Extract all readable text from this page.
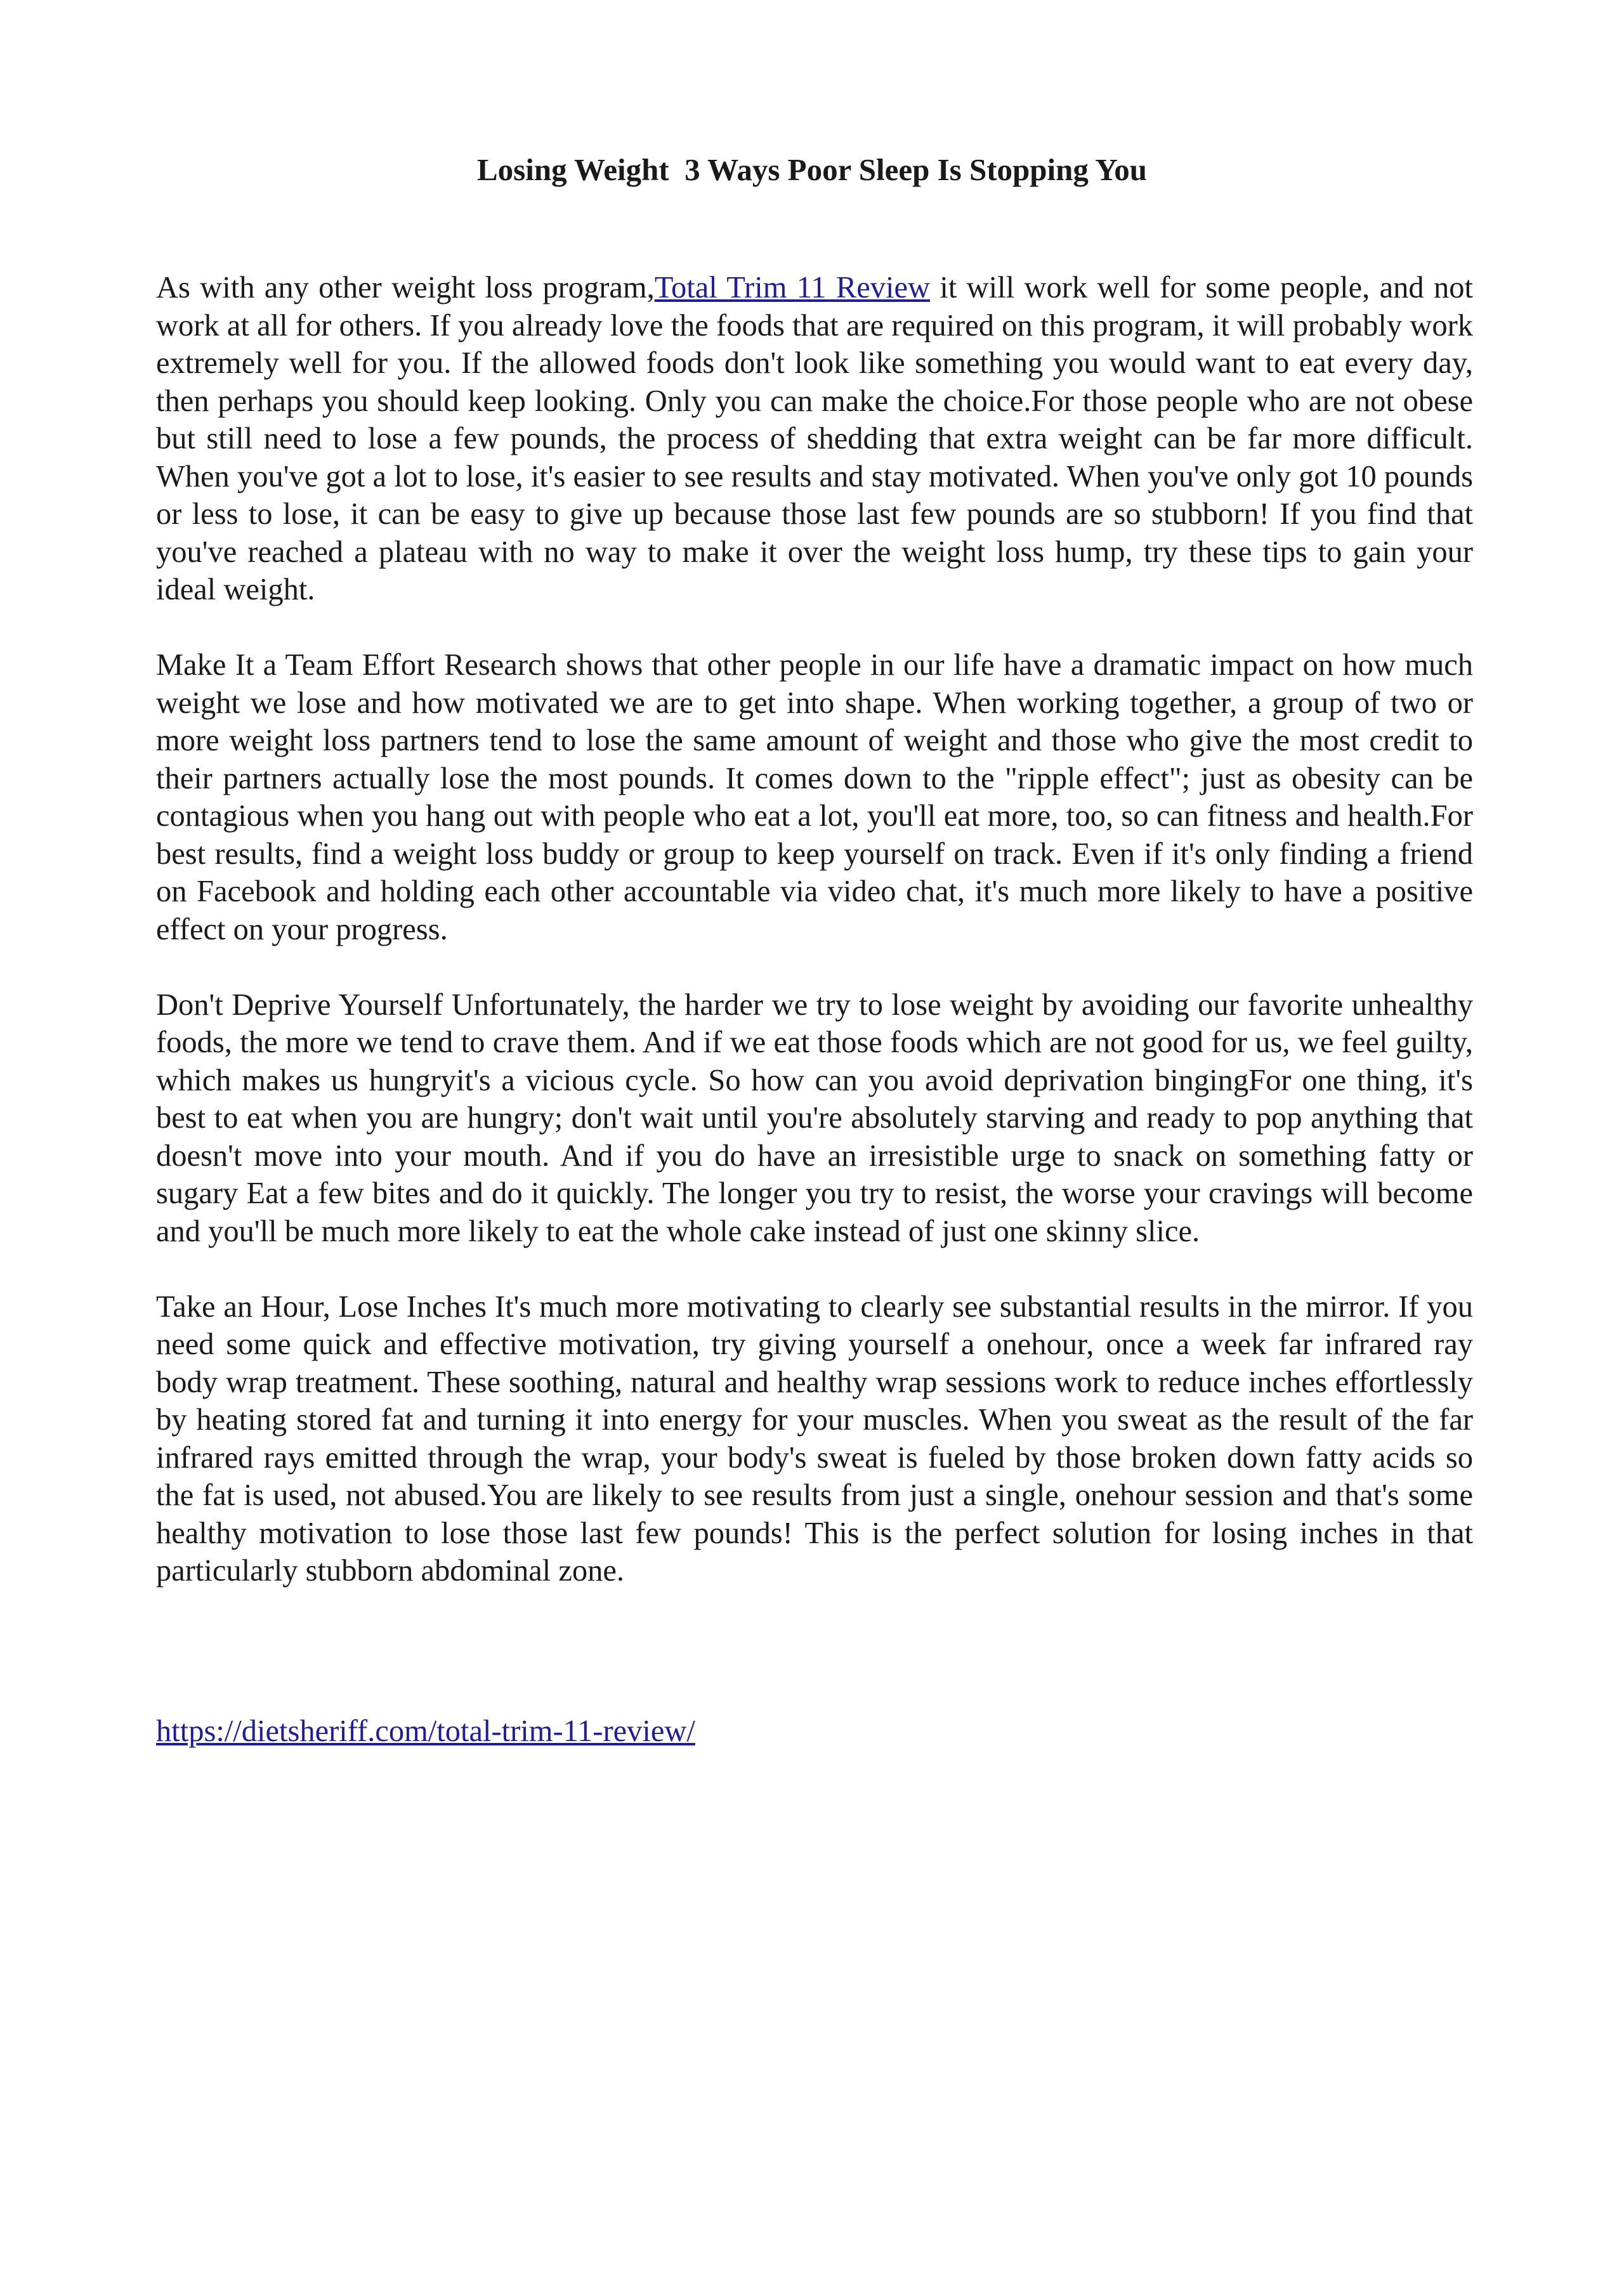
Losing Weight  3 Ways Poor Sleep Is Stopping You

As with any other weight loss program,Total Trim 11 Review it will work well for some people, and not work at all for others. If you already love the foods that are required on this program, it will probably work extremely well for you. If the allowed foods don't look like something you would want to eat every day, then perhaps you should keep looking. Only you can make the choice.For those people who are not obese but still need to lose a few pounds, the process of shedding that extra weight can be far more difficult. When you've got a lot to lose, it's easier to see results and stay motivated. When you've only got 10 pounds or less to lose, it can be easy to give up because those last few pounds are so stubborn! If you find that you've reached a plateau with no way to make it over the weight loss hump, try these tips to gain your ideal weight.

Make It a Team Effort Research shows that other people in our life have a dramatic impact on how much weight we lose and how motivated we are to get into shape. When working together, a group of two or more weight loss partners tend to lose the same amount of weight and those who give the most credit to their partners actually lose the most pounds. It comes down to the "ripple effect"; just as obesity can be contagious when you hang out with people who eat a lot, you'll eat more, too, so can fitness and health.For best results, find a weight loss buddy or group to keep yourself on track. Even if it's only finding a friend on Facebook and holding each other accountable via video chat, it's much more likely to have a positive effect on your progress.

Don't Deprive Yourself Unfortunately, the harder we try to lose weight by avoiding our favorite unhealthy foods, the more we tend to crave them. And if we eat those foods which are not good for us, we feel guilty, which makes us hungryit's a vicious cycle. So how can you avoid deprivation bingingFor one thing, it's best to eat when you are hungry; don't wait until you're absolutely starving and ready to pop anything that doesn't move into your mouth. And if you do have an irresistible urge to snack on something fatty or sugary Eat a few bites and do it quickly. The longer you try to resist, the worse your cravings will become and you'll be much more likely to eat the whole cake instead of just one skinny slice.

Take an Hour, Lose Inches It's much more motivating to clearly see substantial results in the mirror. If you need some quick and effective motivation, try giving yourself a onehour, once a week far infrared ray body wrap treatment. These soothing, natural and healthy wrap sessions work to reduce inches effortlessly by heating stored fat and turning it into energy for your muscles. When you sweat as the result of the far infrared rays emitted through the wrap, your body's sweat is fueled by those broken down fatty acids so the fat is used, not abused.You are likely to see results from just a single, onehour session and that's some healthy motivation to lose those last few pounds! This is the perfect solution for losing inches in that particularly stubborn abdominal zone.

https://dietsheriff.com/total-trim-11-review/
